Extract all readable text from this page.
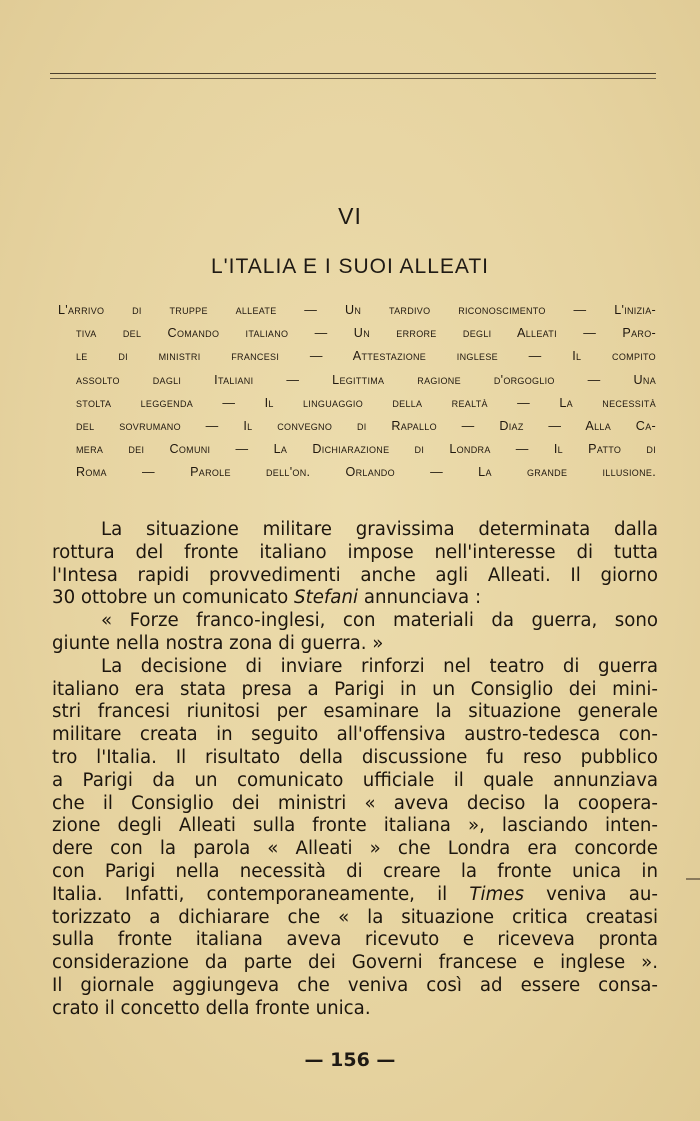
VI
L'ITALIA E I SUOI ALLEATI
L'arrivo di truppe alleate — Un tardivo riconoscimento — L'inizia-
tiva del Comando italiano — Un errore degli Alleati — Paro-
le di ministri francesi — Attestazione inglese — Il compito
assolto dagli Italiani — Legittima ragione d'orgoglio — Una
stolta leggenda — Il linguaggio della realtà — La necessità
del sovrumano — Il convegno di Rapallo — Diaz — Alla Ca-
mera dei Comuni — La Dichiarazione di Londra — Il Patto di
Roma — Parole dell'on. Orlando — La grande illusione.
La situazione militare gravissima determinata dalla
rottura del fronte italiano impose nell'interesse di tutta
l'Intesa rapidi provvedimenti anche agli Alleati. Il giorno
30 ottobre un comunicato Stefani annunciava :
« Forze franco-inglesi, con materiali da guerra, sono
giunte nella nostra zona di guerra. »
La decisione di inviare rinforzi nel teatro di guerra
italiano era stata presa a Parigi in un Consiglio dei mini-
stri francesi riunitosi per esaminare la situazione generale
militare creata in seguito all'offensiva austro-tedesca con-
tro l'Italia. Il risultato della discussione fu reso pubblico
a Parigi da un comunicato ufficiale il quale annunziava
che il Consiglio dei ministri « aveva deciso la coopera-
zione degli Alleati sulla fronte italiana », lasciando inten-
dere con la parola « Alleati » che Londra era concorde
con Parigi nella necessità di creare la fronte unica in
Italia. Infatti, contemporaneamente, il Times veniva au-
torizzato a dichiarare che « la situazione critica creatasi
sulla fronte italiana aveva ricevuto e riceveva pronta
considerazione da parte dei Governi francese e inglese ».
Il giornale aggiungeva che veniva così ad essere consa-
crato il concetto della fronte unica.
— 156 —
